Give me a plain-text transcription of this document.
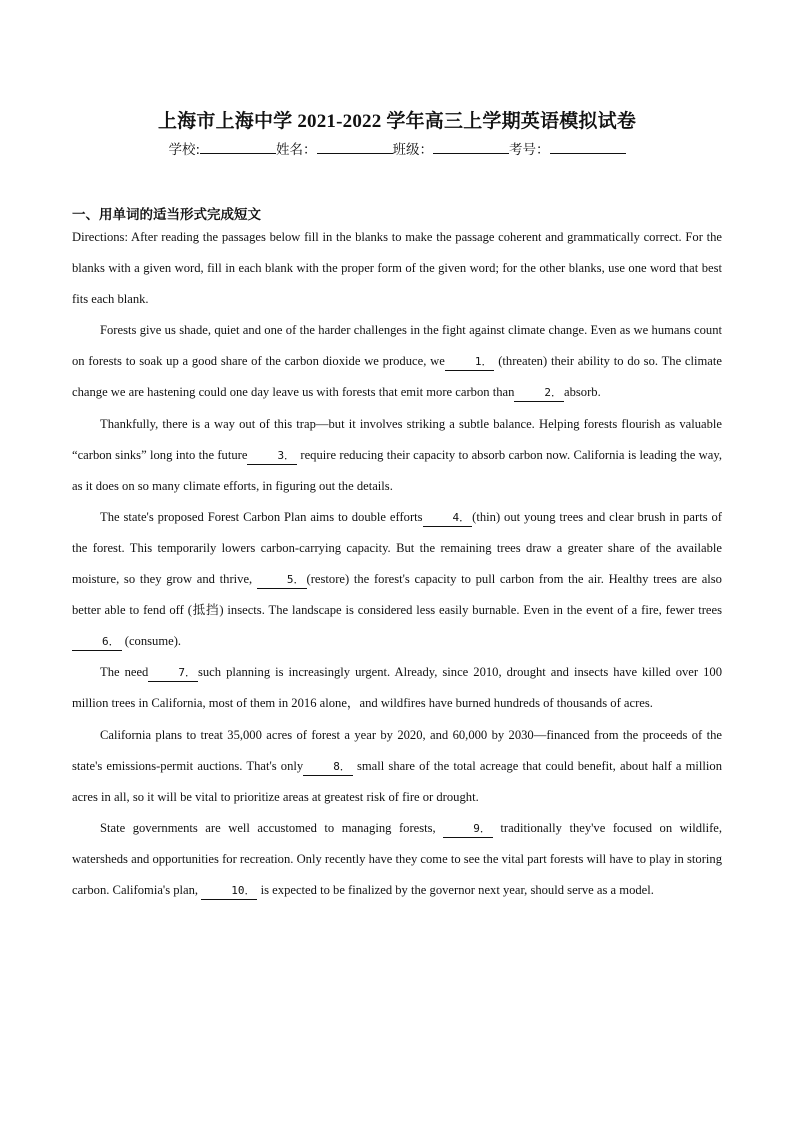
上海市上海中学 2021-2022 学年高三上学期英语模拟试卷
学校:	姓名：	班级：	考号：
一、用单词的适当形式完成短文

Directions: After reading the passages below fill in the blanks to make the passage coherent and grammatically correct. For the blanks with a given word, fill in each blank with the proper form of the given word; for the other blanks, use one word that best fits each blank.

Forests give us shade, quiet and one of the harder challenges in the fight against climate change. Even as we humans count on forests to soak up a good share of the carbon dioxide we produce, we	1． (threaten) their ability to do so. The climate change we are hastening could one day leave us with forests that emit more carbon than	2． absorb.

Thankfully, there is a way out of this trap—but it involves striking a subtle balance. Helping forests flourish as valuable “carbon sinks” long into the future	3． require reducing their capacity to absorb carbon now. California is leading the way, as it does on so many climate efforts, in figuring out the details.

The state's proposed Forest Carbon Plan aims to double efforts	4． (thin) out young trees and clear brush in parts of the forest. This temporarily lowers carbon-carrying capacity. But the remaining trees draw a greater share of the available moisture, so they grow and thrive,	5． (restore) the forest's capacity to pull carbon from the air. Healthy trees are also better able to fend off (抵挡) insects. The landscape is considered less easily burnable. Even in the event of a fire, fewer trees6． (consume).

The need	7． such planning is increasingly urgent. Already, since 2010, drought and insects have killed over 100 million trees in California, most of them in 2016 alone，and wildfires have burned hundreds of thousands of acres.

California plans to treat 35,000 acres of forest a year by 2020, and 60,000 by 2030—financed from the proceeds of the state's emissions-permit auctions. That's only	8． small share of the total acreage that could benefit, about half a million acres in all, so it will be vital to prioritize areas at greatest risk of fire or drought.

State governments are well accustomed to managing forests,	9． traditionally they've focused on wildlife, watersheds and opportunities for recreation. Only recently have they come to see the vital part forests will have to play in storing carbon. Califomia's plan,	10． is expected to be finalized by the governor next year, should serve as a model.
